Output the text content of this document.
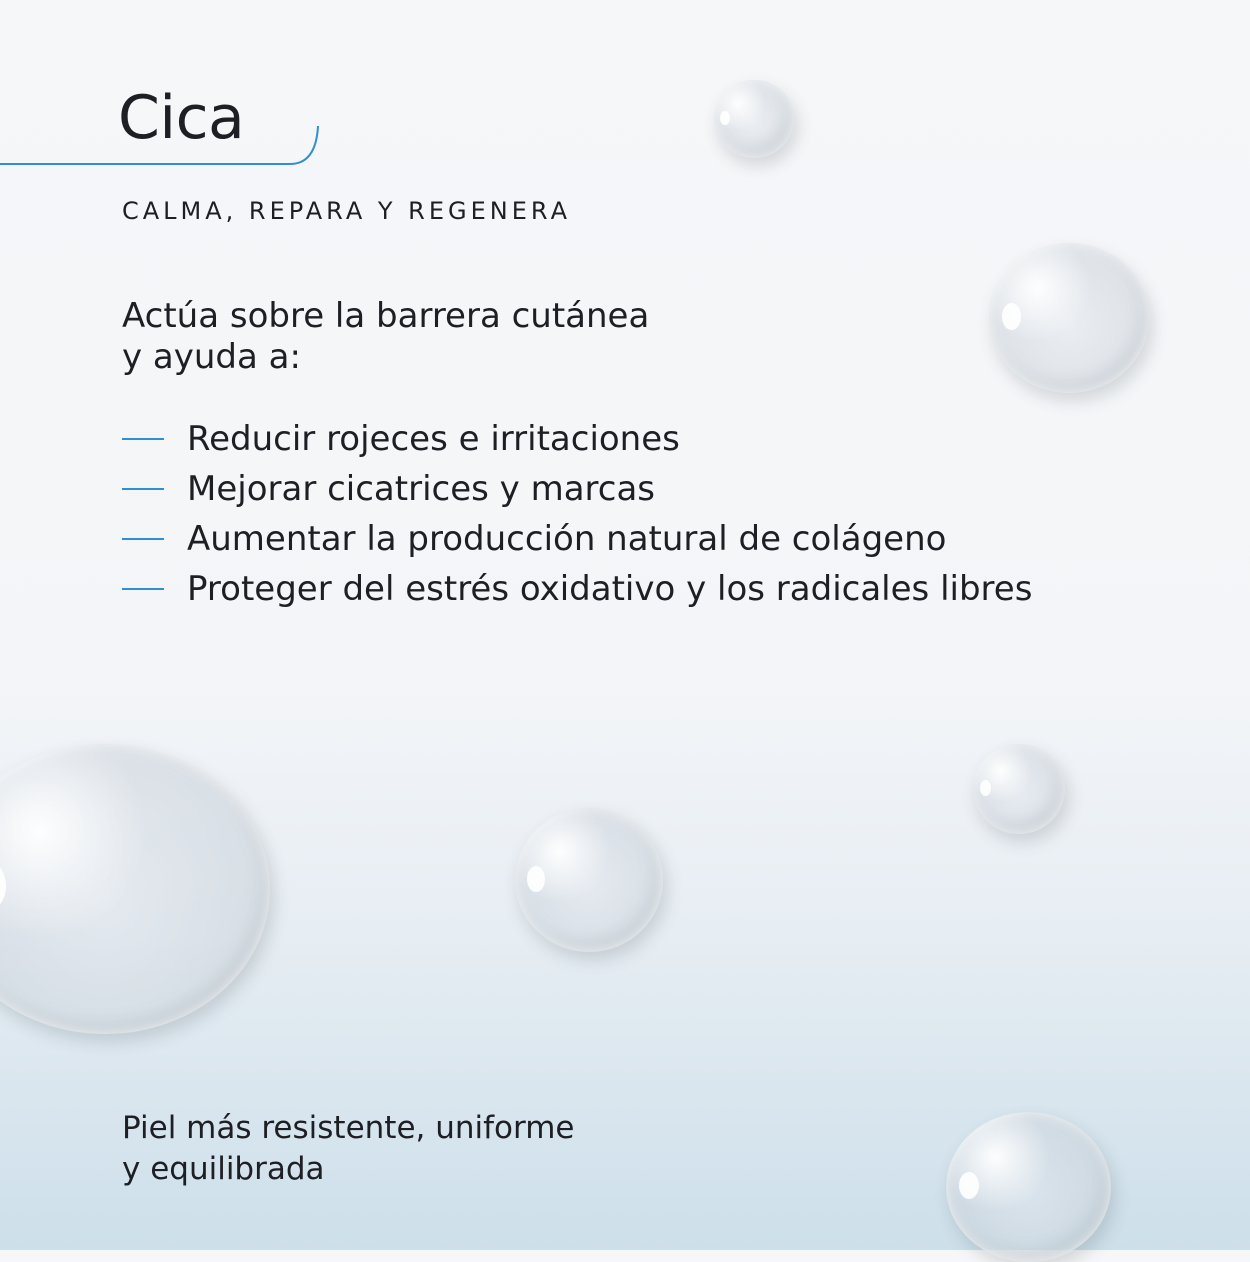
Cica
CALMA, REPARA Y REGENERA
Actúa sobre la barrera cutánea
y ayuda a:
Reducir rojeces e irritaciones
Mejorar cicatrices y marcas
Aumentar la producción natural de colágeno
Proteger del estrés oxidativo y los radicales libres
Piel más resistente, uniforme
y equilibrada
